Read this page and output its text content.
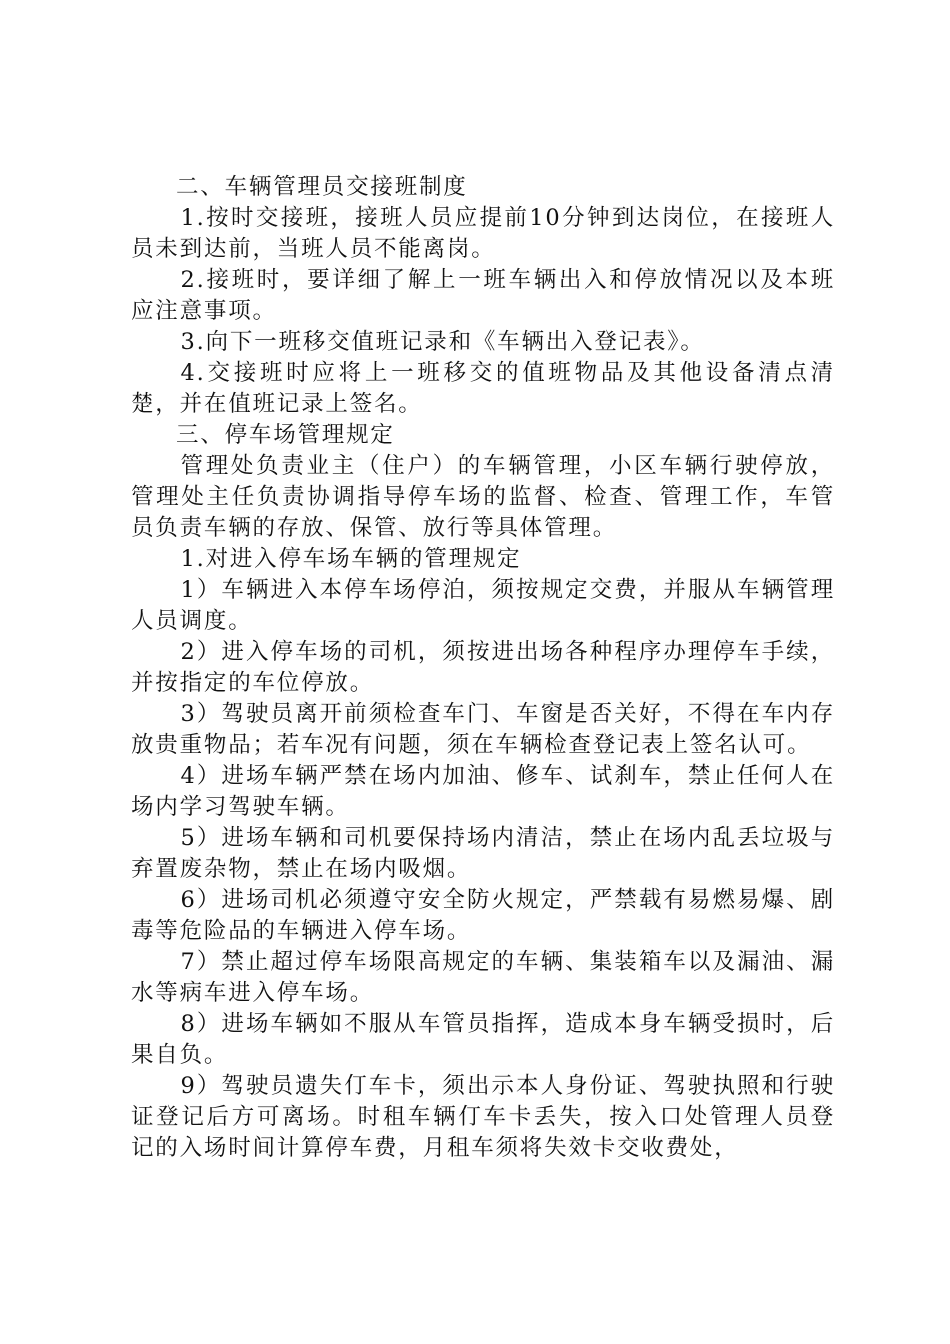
二、车辆管理员交接班制度

1.按时交接班，接班人员应提前10分钟到达岗位，在接班人员未到达前，当班人员不能离岗。

2.接班时，要详细了解上一班车辆出入和停放情况以及本班应注意事项。

3.向下一班移交值班记录和《车辆出入登记表》。

4.交接班时应将上一班移交的值班物品及其他设备清点清楚，并在值班记录上签名。

三、停车场管理规定

管理处负责业主（住户）的车辆管理，小区车辆行驶停放，管理处主任负责协调指导停车场的监督、检查、管理工作，车管员负责车辆的存放、保管、放行等具体管理。

1.对进入停车场车辆的管理规定

1）车辆进入本停车场停泊，须按规定交费，并服从车辆管理人员调度。

2）进入停车场的司机，须按进出场各种程序办理停车手续，并按指定的车位停放。

3）驾驶员离开前须检查车门、车窗是否关好，不得在车内存放贵重物品；若车况有问题，须在车辆检查登记表上签名认可。

4）进场车辆严禁在场内加油、修车、试刹车，禁止任何人在场内学习驾驶车辆。

5）进场车辆和司机要保持场内清洁，禁止在场内乱丢垃圾与弃置废杂物，禁止在场内吸烟。

6）进场司机必须遵守安全防火规定，严禁载有易燃易爆、剧毒等危险品的车辆进入停车场。

7）禁止超过停车场限高规定的车辆、集装箱车以及漏油、漏水等病车进入停车场。

8）进场车辆如不服从车管员指挥，造成本身车辆受损时，后果自负。

9）驾驶员遗失仃车卡，须出示本人身份证、驾驶执照和行驶证登记后方可离场。时租车辆仃车卡丢失，按入口处管理人员登记的入场时间计算停车费，月租车须将失效卡交收费处，
